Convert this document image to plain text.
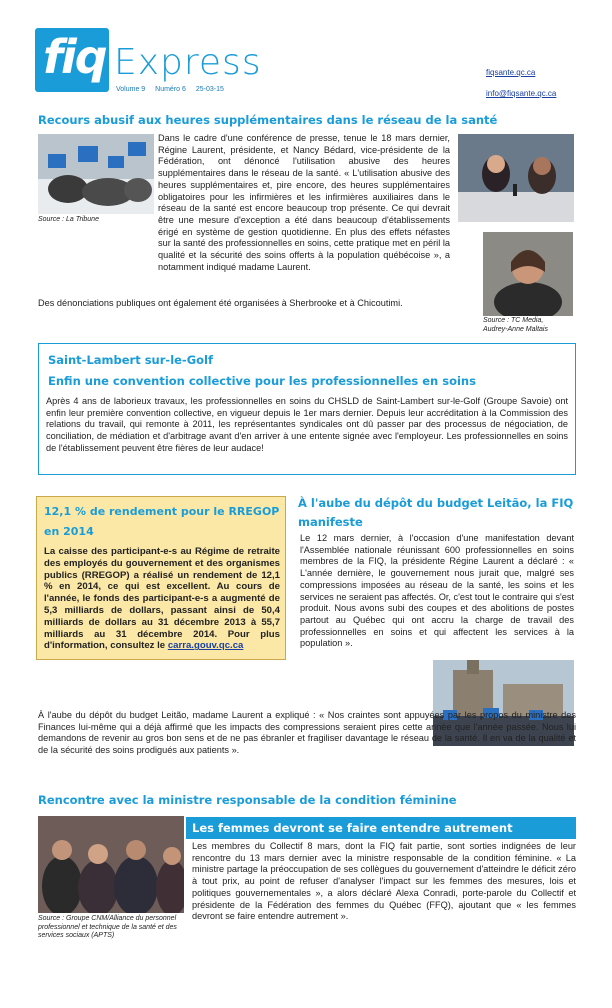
fiq Express
Volume 9 Numéro 6 25-03-15
fiqsante.qc.ca
info@fiqsante.qc.ca
Recours abusif aux heures supplémentaires dans le réseau de la santé
Source : La Tribune
Dans le cadre d'une conférence de presse, tenue le 18 mars dernier, Régine Laurent, présidente, et Nancy Bédard, vice-présidente de la Fédération, ont dénoncé l'utilisation abusive des heures supplémentaires dans le réseau de la santé. « L'utilisation abusive des heures supplémentaires et, pire encore, des heures supplémentaires obligatoires pour les infirmières et les infirmières auxiliaires dans le réseau de la santé est encore beaucoup trop présente. Ce qui devrait être une mesure d'exception a été dans beaucoup d'établissements érigé en système de gestion quotidienne. En plus des effets néfastes sur la santé des professionnelles en soins, cette pratique met en péril la qualité et la sécurité des soins offerts à la population québécoise », a notamment indiqué madame Laurent.
Source : TC Media,
Audrey-Anne Maltais
Des dénonciations publiques ont également été organisées à Sherbrooke et à Chicoutimi.
Saint-Lambert sur-le-Golf
Enfin une convention collective pour les professionnelles en soins
Après 4 ans de laborieux travaux, les professionnelles en soins du CHSLD de Saint-Lambert sur-le-Golf (Groupe Savoie) ont enfin leur première convention collective, en vigueur depuis le 1er mars dernier. Depuis leur accréditation à la Commission des relations du travail, qui remonte à 2011, les représentantes syndicales ont dû passer par des processus de négociation, de conciliation, de médiation et d'arbitrage avant d'en arriver à une entente signée avec l'employeur. Les professionnelles en soins de l'établissement peuvent être fières de leur audace!
12,1 % de rendement pour le RREGOP en 2014
La caisse des participant-e-s au Régime de retraite des employés du gouvernement et des organismes publics (RREGOP) a réalisé un rendement de 12,1 % en 2014, ce qui est excellent. Au cours de l'année, le fonds des participant-e-s a augmenté de 5,3 milliards de dollars, passant ainsi de 50,4 milliards de dollars au 31 décembre 2013 à 55,7 milliards au 31 décembre 2014. Pour plus d'information, consultez le carra.gouv.qc.ca
À l'aube du dépôt du budget Leitão, la FIQ manifeste
Le 12 mars dernier, à l'occasion d'une manifestation devant l'Assemblée nationale réunissant 600 professionnelles en soins membres de la FIQ, la présidente Régine Laurent a déclaré : « L'année dernière, le gouvernement nous jurait que, malgré ses compressions imposées au réseau de la santé, les soins et les services ne seraient pas affectés. Or, c'est tout le contraire qui s'est produit. Nous avons subi des coupes et des abolitions de postes partout au Québec qui ont accru la charge de travail des professionnelles en soins et qui affectent les services à la population ».
À l'aube du dépôt du budget Leitão, madame Laurent a expliqué : « Nos craintes sont appuyées par les propos du ministre des Finances lui-même qui a déjà affirmé que les impacts des compressions seraient pires cette année que l'année passée. Nous lui demandons de revenir au gros bon sens et de ne pas ébranler et fragiliser davantage le réseau de la santé. Il en va de la qualité et de la sécurité des soins prodigués aux patients ».
Rencontre avec la ministre responsable de la condition féminine
Source : Groupe CNM/Alliance du personnel professionnel et technique de la santé et des services sociaux (APTS)
Les femmes devront se faire entendre autrement
Les membres du Collectif 8 mars, dont la FIQ fait partie, sont sorties indignées de leur rencontre du 13 mars dernier avec la ministre responsable de la condition féminine. « La ministre partage la préoccupation de ses collègues du gouvernement d'atteindre le déficit zéro à tout prix, au point de refuser d'analyser l'impact sur les femmes des mesures, lois et politiques gouvernementales », a alors déclaré Alexa Conradi, porte-parole du Collectif et présidente de la Fédération des femmes du Québec (FFQ), ajoutant que « les femmes devront se faire entendre autrement ».
